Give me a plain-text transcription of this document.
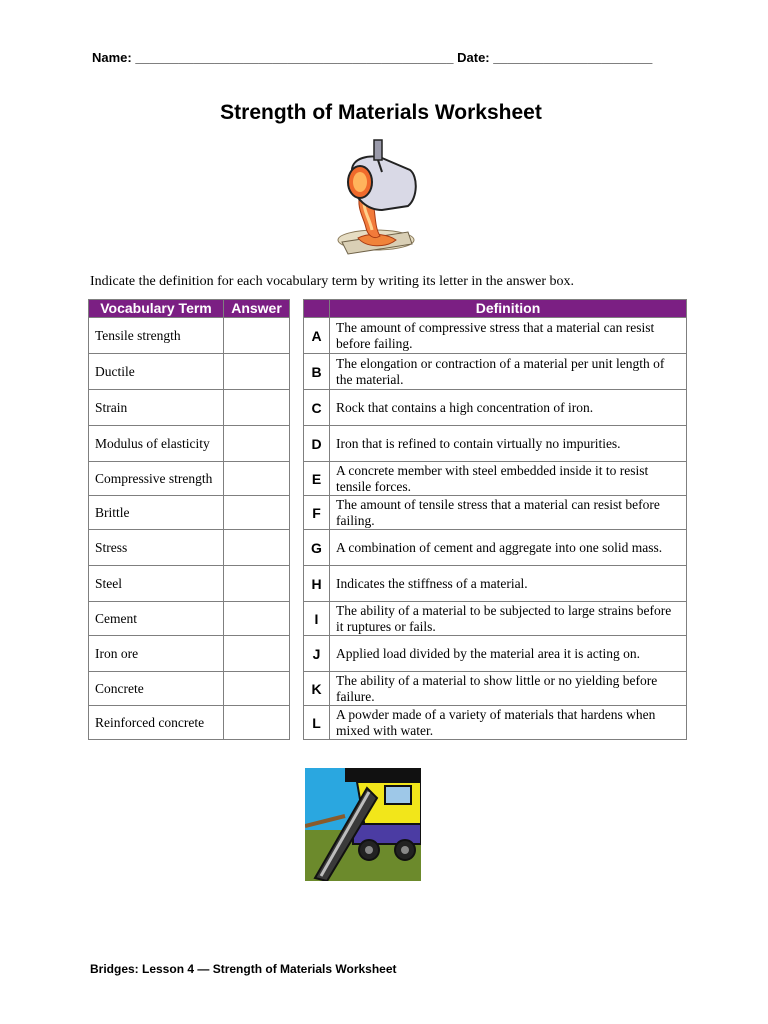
Name: ____________________________________________ Date: ______________________
Strength of Materials Worksheet
Indicate the definition for each vocabulary term by writing its letter in the answer box.
Vocabulary Term	Answer
Tensile strength	
Ductile	
Strain	
Modulus of elasticity	
Compressive strength	
Brittle	
Stress	
Steel	
Cement	
Iron ore	
Concrete	
Reinforced concrete	
	Definition
A	The amount of compressive stress that a material can resist before failing.
B	The elongation or contraction of a material per unit length of the material.
C	Rock that contains a high concentration of iron.
D	Iron that is refined to contain virtually no impurities.
E	A concrete member with steel embedded inside it to resist tensile forces.
F	The amount of tensile stress that a material can resist before failing.
G	A combination of cement and aggregate into one solid mass.
H	Indicates the stiffness of a material.
I	The ability of a material to be subjected to large strains before it ruptures or fails.
J	Applied load divided by the material area it is acting on.
K	The ability of a material to show little or no yielding before failure.
L	A powder made of a variety of materials that hardens when mixed with water.
Bridges: Lesson 4 — Strength of Materials Worksheet
